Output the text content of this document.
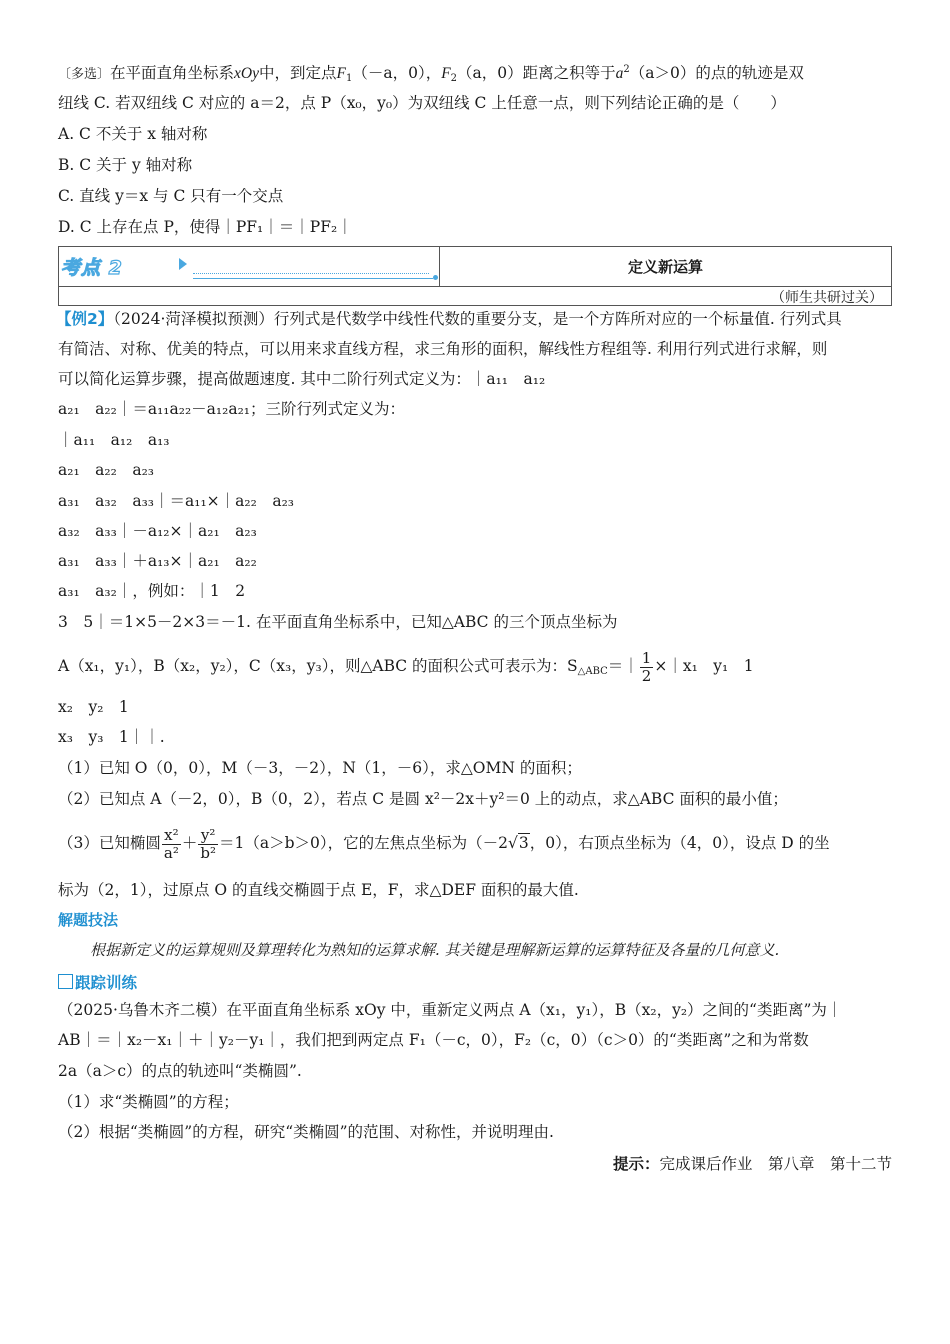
〔多选〕在平面直角坐标系xOy中，到定点$F_1(-a$，0），$F_2(a$，0）距离之积等于$a^2(a>0)$的点的轨迹是双
纽线 C. 若双纽线 C 对应的 a＝2，点 P（x₀，y₀）为双纽线 C 上任意一点，则下列结论正确的是（　　）
A. C 不关于 x 轴对称
B. C 关于 y 轴对称
C. 直线 y＝x 与 C 只有一个交点
D. C 上存在点 P，使得｜PF₁｜＝｜PF₂｜
考点 2	定义新运算
（师生共研过关）
【例2】（2024·菏泽模拟预测）行列式是代数学中线性代数的重要分支，是一个方阵所对应的一个标量值. 行列式具
有简洁、对称、优美的特点，可以用来求直线方程，求三角形的面积，解线性方程组等. 利用行列式进行求解，则
可以简化运算步骤，提高做题速度. 其中二阶行列式定义为：｜a₁₁　a₁₂
a₂₁　a₂₂｜＝a₁₁a₂₂－a₁₂a₂₁；三阶行列式定义为：
｜a₁₁　a₁₂　a₁₃
a₂₁　a₂₂　a₂₃
a₃₁　a₃₂　a₃₃｜＝a₁₁×｜a₂₂　a₂₃
a₃₂　a₃₃｜－a₁₂×｜a₂₁　a₂₃
a₃₁　a₃₃｜＋a₁₃×｜a₂₁　a₂₂
a₃₁　a₃₂｜，例如：｜1　2
3　5｜＝1×5－2×3＝－1. 在平面直角坐标系中，已知△ABC 的三个顶点坐标为
A（x₁，y₁），B（x₂，y₂），C（x₃，y₃），则△ABC 的面积公式可表示为：$S_{\triangle ABC}=| \frac{1}{2}$ ×｜x₁　y₁　1
x₂　y₂　1
x₃　y₃　1｜｜.
（1）已知 O（0，0），M（－3，－2），N（1，－6），求△OMN 的面积；
（2）已知点 A（－2，0），B（0，2），若点 C 是圆 x²－2x＋y²＝0 上的动点，求△ABC 面积的最小值；
（3）已知椭圆 $\frac{\text{x²}}{\text{a²}} + \frac{\text{y²}}{\text{b²}} =1(a>b>0)$，它的左焦点坐标为（－2√3，0），右顶点坐标为（4，0），设点 D 的坐
标为（2，1），过原点 O 的直线交椭圆于点 E，F，求△DEF 面积的最大值.
解题技法
根据新定义的运算规则及算理转化为熟知的运算求解. 其关键是理解新运算的运算特征及各量的几何意义.
跟踪训练
（2025·乌鲁木齐二模）在平面直角坐标系 xOy 中，重新定义两点 A（x₁，y₁），B（x₂，y₂）之间的“类距离”为｜
AB｜＝｜x₂－x₁｜＋｜y₂－y₁｜，我们把到两定点 F₁（－c，0），F₂（c，0）（c＞0）的“类距离”之和为常数
2a（a＞c）的点的轨迹叫“类椭圆”.
（1）求“类椭圆”的方程；
（2）根据“类椭圆”的方程，研究“类椭圆”的范围、对称性，并说明理由.
提示：完成课后作业　第八章　第十二节
